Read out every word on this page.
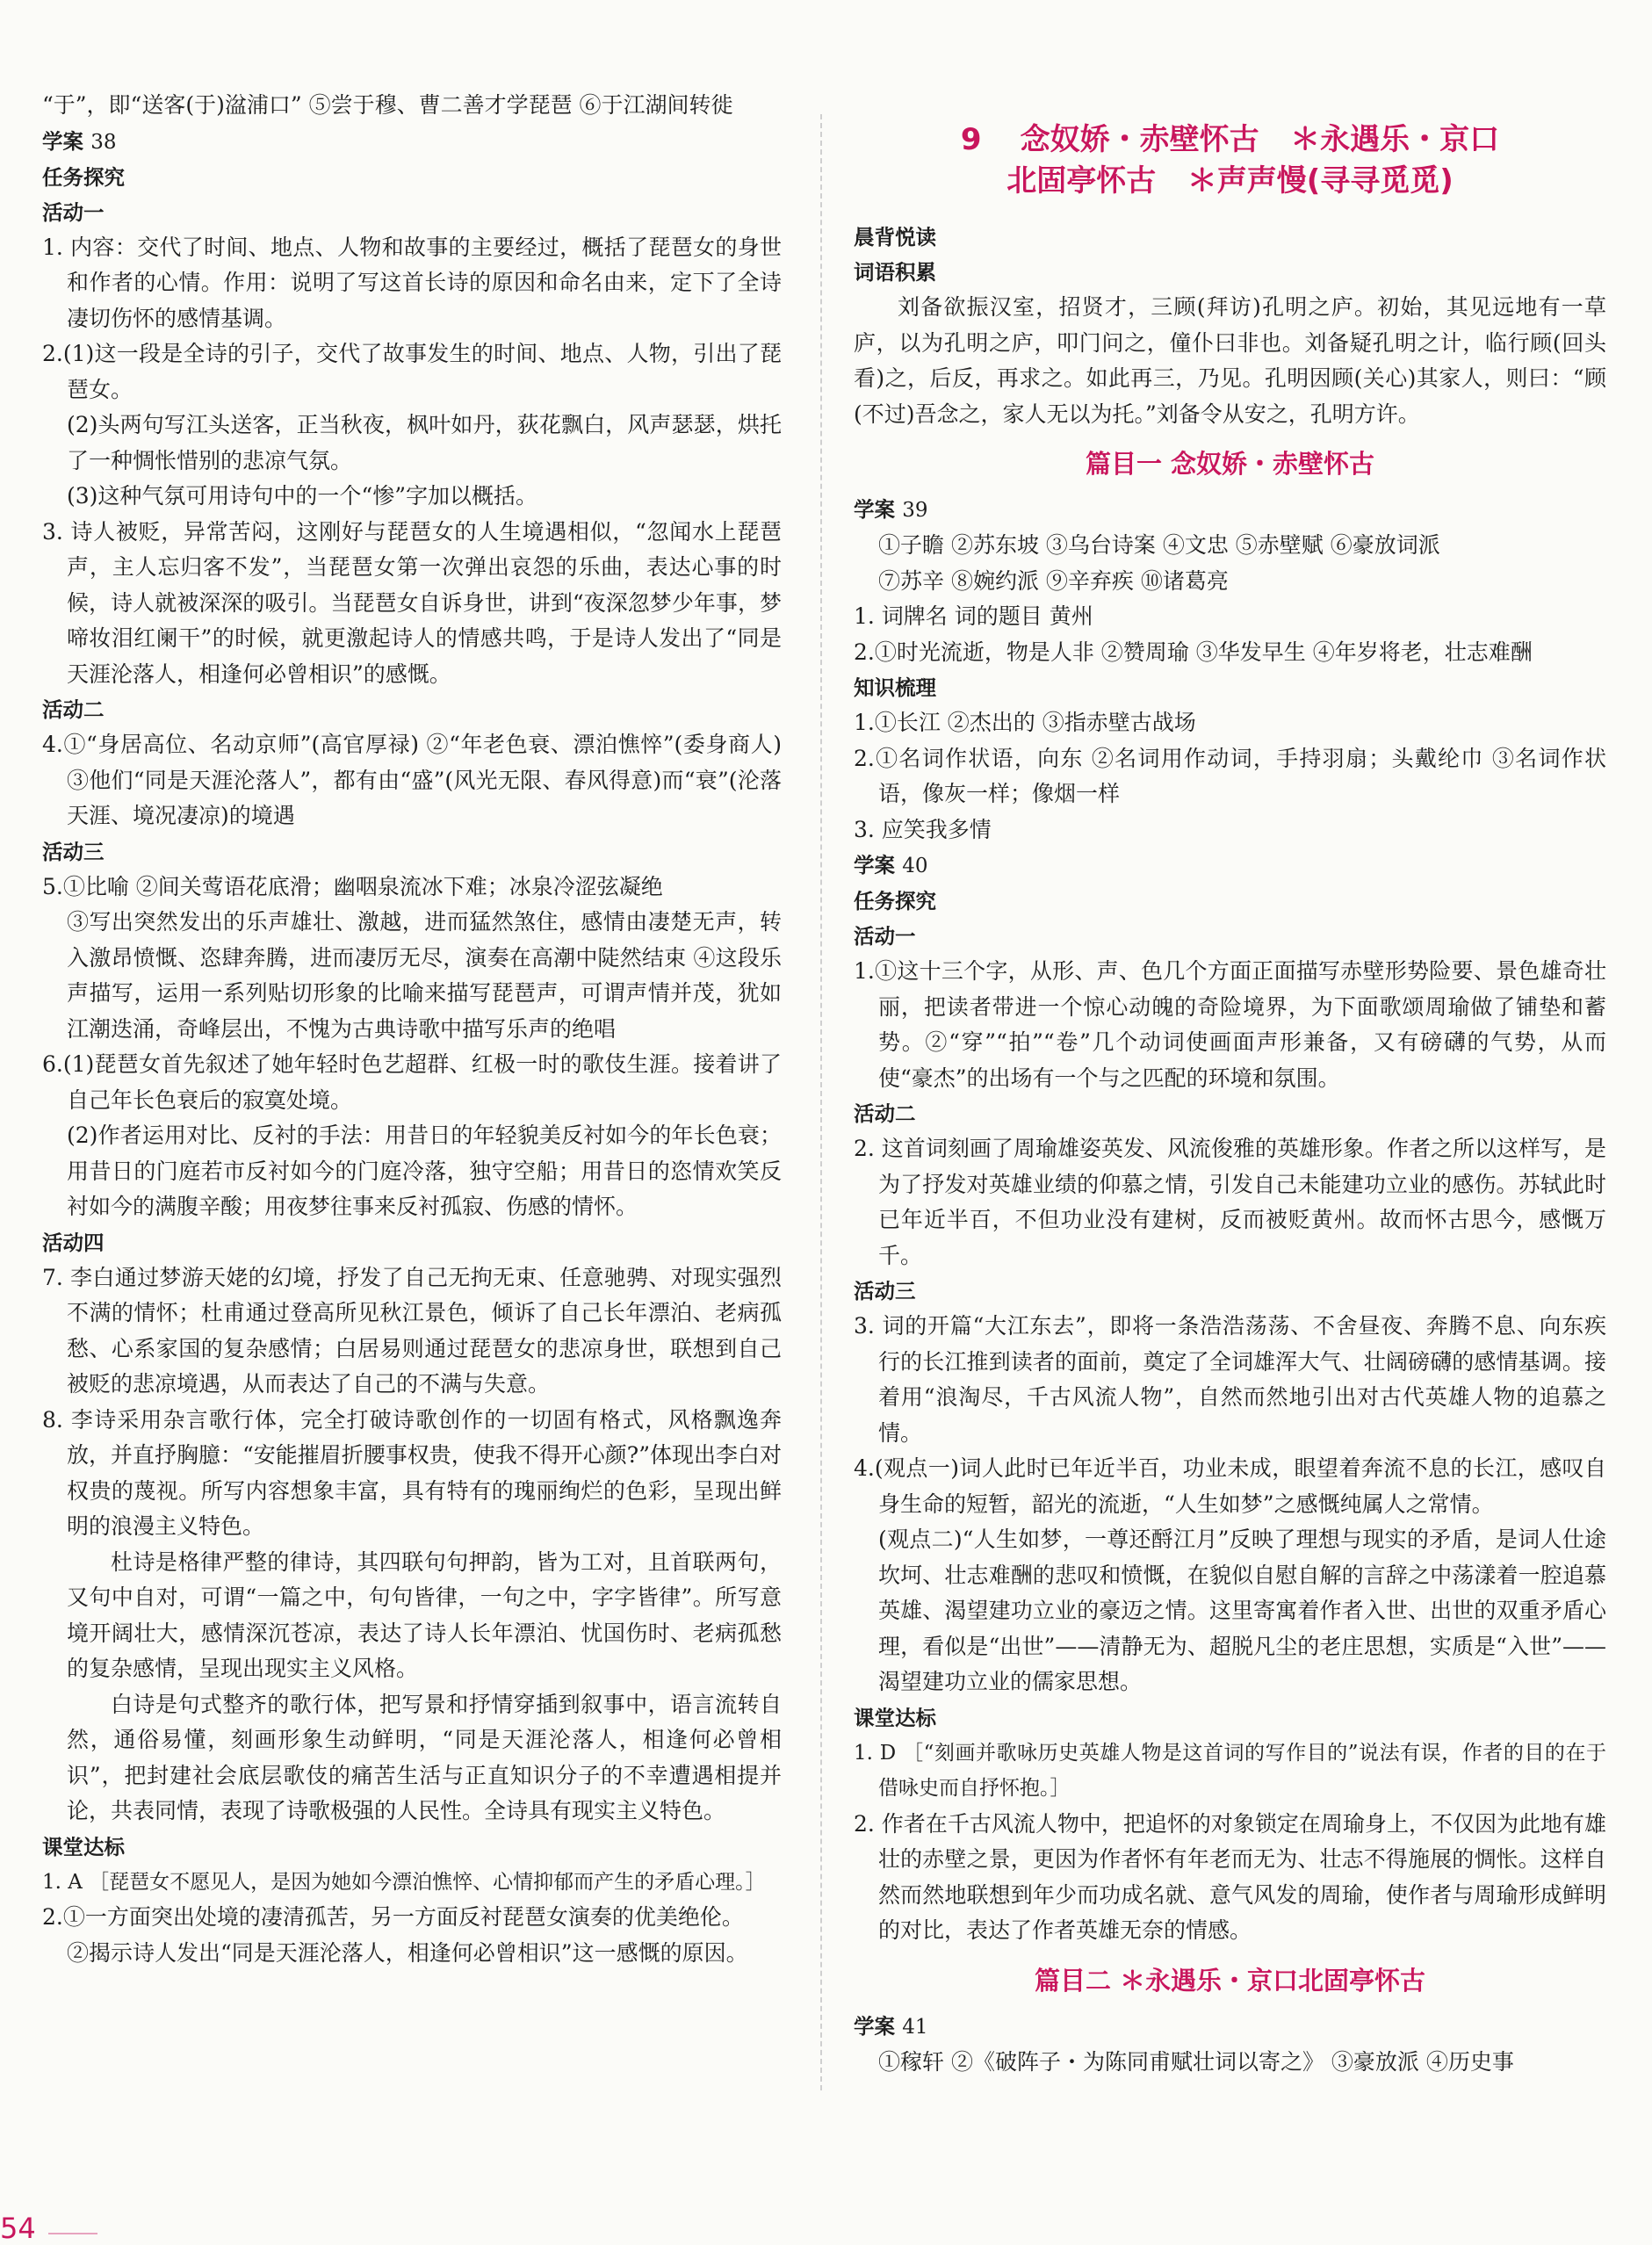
“于”，即“送客(于)湓浦口” ⑤尝于穆、曹二善才学琵琶 ⑥于江湖间转徙

学案 38

任务探究

活动一

1. 内容：交代了时间、地点、人物和故事的主要经过，概括了琵琶女的身世和作者的心情。作用：说明了写这首长诗的原因和命名由来，定下了全诗凄切伤怀的感情基调。

2.(1)这一段是全诗的引子，交代了故事发生的时间、地点、人物，引出了琵琶女。

(2)头两句写江头送客，正当秋夜，枫叶如丹，荻花飘白，风声瑟瑟，烘托了一种惆怅惜别的悲凉气氛。

(3)这种气氛可用诗句中的一个“惨”字加以概括。

3. 诗人被贬，异常苦闷，这刚好与琵琶女的人生境遇相似，“忽闻水上琵琶声，主人忘归客不发”，当琵琶女第一次弹出哀怨的乐曲，表达心事的时候，诗人就被深深的吸引。当琵琶女自诉身世，讲到“夜深忽梦少年事，梦啼妆泪红阑干”的时候，就更激起诗人的情感共鸣，于是诗人发出了“同是天涯沦落人，相逢何必曾相识”的感慨。

活动二

4.①“身居高位、名动京师”(高官厚禄) ②“年老色衰、漂泊憔悴”(委身商人) ③他们“同是天涯沦落人”，都有由“盛”(风光无限、春风得意)而“衰”(沦落天涯、境况凄凉)的境遇

活动三

5.①比喻 ②间关莺语花底滑；幽咽泉流冰下难；冰泉冷涩弦凝绝

③写出突然发出的乐声雄壮、激越，进而猛然煞住，感情由凄楚无声，转入激昂愤慨、恣肆奔腾，进而凄厉无尽，演奏在高潮中陡然结束 ④这段乐声描写，运用一系列贴切形象的比喻来描写琵琶声，可谓声情并茂，犹如江潮迭涌，奇峰层出，不愧为古典诗歌中描写乐声的绝唱

6.(1)琵琶女首先叙述了她年轻时色艺超群、红极一时的歌伎生涯。接着讲了自己年长色衰后的寂寞处境。

(2)作者运用对比、反衬的手法：用昔日的年轻貌美反衬如今的年长色衰；用昔日的门庭若市反衬如今的门庭冷落，独守空船；用昔日的恣情欢笑反衬如今的满腹辛酸；用夜梦往事来反衬孤寂、伤感的情怀。

活动四

7. 李白通过梦游天姥的幻境，抒发了自己无拘无束、任意驰骋、对现实强烈不满的情怀；杜甫通过登高所见秋江景色，倾诉了自己长年漂泊、老病孤愁、心系家国的复杂感情；白居易则通过琵琶女的悲凉身世，联想到自己被贬的悲凉境遇，从而表达了自己的不满与失意。

8. 李诗采用杂言歌行体，完全打破诗歌创作的一切固有格式，风格飘逸奔放，并直抒胸臆：“安能摧眉折腰事权贵，使我不得开心颜?”体现出李白对权贵的蔑视。所写内容想象丰富，具有特有的瑰丽绚烂的色彩，呈现出鲜明的浪漫主义特色。

杜诗是格律严整的律诗，其四联句句押韵，皆为工对，且首联两句，又句中自对，可谓“一篇之中，句句皆律，一句之中，字字皆律”。所写意境开阔壮大，感情深沉苍凉，表达了诗人长年漂泊、忧国伤时、老病孤愁的复杂感情，呈现出现实主义风格。

白诗是句式整齐的歌行体，把写景和抒情穿插到叙事中，语言流转自然，通俗易懂，刻画形象生动鲜明，“同是天涯沦落人，相逢何必曾相识”，把封建社会底层歌伎的痛苦生活与正直知识分子的不幸遭遇相提并论，共表同情，表现了诗歌极强的人民性。全诗具有现实主义特色。

课堂达标

1. A ［琵琶女不愿见人，是因为她如今漂泊憔悴、心情抑郁而产生的矛盾心理。］

2.①一方面突出处境的凄清孤苦，另一方面反衬琵琶女演奏的优美绝伦。

②揭示诗人发出“同是天涯沦落人，相逢何必曾相识”这一感慨的原因。

9 念奴娇・赤壁怀古 ＊永遇乐・京口
北固亭怀古 ＊声声慢(寻寻觅觅)

晨背悦读

词语积累

刘备欲振汉室，招贤才，三顾(拜访)孔明之庐。初始，其见远地有一草庐，以为孔明之庐，叩门问之，僮仆曰非也。刘备疑孔明之计，临行顾(回头看)之，后反，再求之。如此再三，乃见。孔明因顾(关心)其家人，则曰：“顾(不过)吾念之，家人无以为托。”刘备令从安之，孔明方许。

篇目一 念奴娇・赤壁怀古

学案 39

①子瞻 ②苏东坡 ③乌台诗案 ④文忠 ⑤赤壁赋 ⑥豪放词派

⑦苏辛 ⑧婉约派 ⑨辛弃疾 ⑩诸葛亮

1. 词牌名 词的题目 黄州

2.①时光流逝，物是人非 ②赞周瑜 ③华发早生 ④年岁将老，壮志难酬

知识梳理

1.①长江 ②杰出的 ③指赤壁古战场

2.①名词作状语，向东 ②名词用作动词，手持羽扇；头戴纶巾 ③名词作状语，像灰一样；像烟一样

3. 应笑我多情

学案 40

任务探究

活动一

1.①这十三个字，从形、声、色几个方面正面描写赤壁形势险要、景色雄奇壮丽，把读者带进一个惊心动魄的奇险境界，为下面歌颂周瑜做了铺垫和蓄势。②“穿”“拍”“卷”几个动词使画面声形兼备，又有磅礴的气势，从而使“豪杰”的出场有一个与之匹配的环境和氛围。

活动二

2. 这首词刻画了周瑜雄姿英发、风流俊雅的英雄形象。作者之所以这样写，是为了抒发对英雄业绩的仰慕之情，引发自己未能建功立业的感伤。苏轼此时已年近半百，不但功业没有建树，反而被贬黄州。故而怀古思今，感慨万千。

活动三

3. 词的开篇“大江东去”，即将一条浩浩荡荡、不舍昼夜、奔腾不息、向东疾行的长江推到读者的面前，奠定了全词雄浑大气、壮阔磅礴的感情基调。接着用“浪淘尽，千古风流人物”，自然而然地引出对古代英雄人物的追慕之情。

4.(观点一)词人此时已年近半百，功业未成，眼望着奔流不息的长江，感叹自身生命的短暂，韶光的流逝，“人生如梦”之感慨纯属人之常情。

(观点二)“人生如梦，一尊还酹江月”反映了理想与现实的矛盾，是词人仕途坎坷、壮志难酬的悲叹和愤慨，在貌似自慰自解的言辞之中荡漾着一腔追慕英雄、渴望建功立业的豪迈之情。这里寄寓着作者入世、出世的双重矛盾心理，看似是“出世”——清静无为、超脱凡尘的老庄思想，实质是“入世”——渴望建功立业的儒家思想。

课堂达标

1. D ［“刻画并歌咏历史英雄人物是这首词的写作目的”说法有误，作者的目的在于借咏史而自抒怀抱。］

2. 作者在千古风流人物中，把追怀的对象锁定在周瑜身上，不仅因为此地有雄壮的赤壁之景，更因为作者怀有年老而无为、壮志不得施展的惆怅。这样自然而然地联想到年少而功成名就、意气风发的周瑜，使作者与周瑜形成鲜明的对比，表达了作者英雄无奈的情感。

篇目二 ＊永遇乐・京口北固亭怀古

学案 41

①稼轩 ②《破阵子・为陈同甫赋壮词以寄之》 ③豪放派 ④历史事

54
